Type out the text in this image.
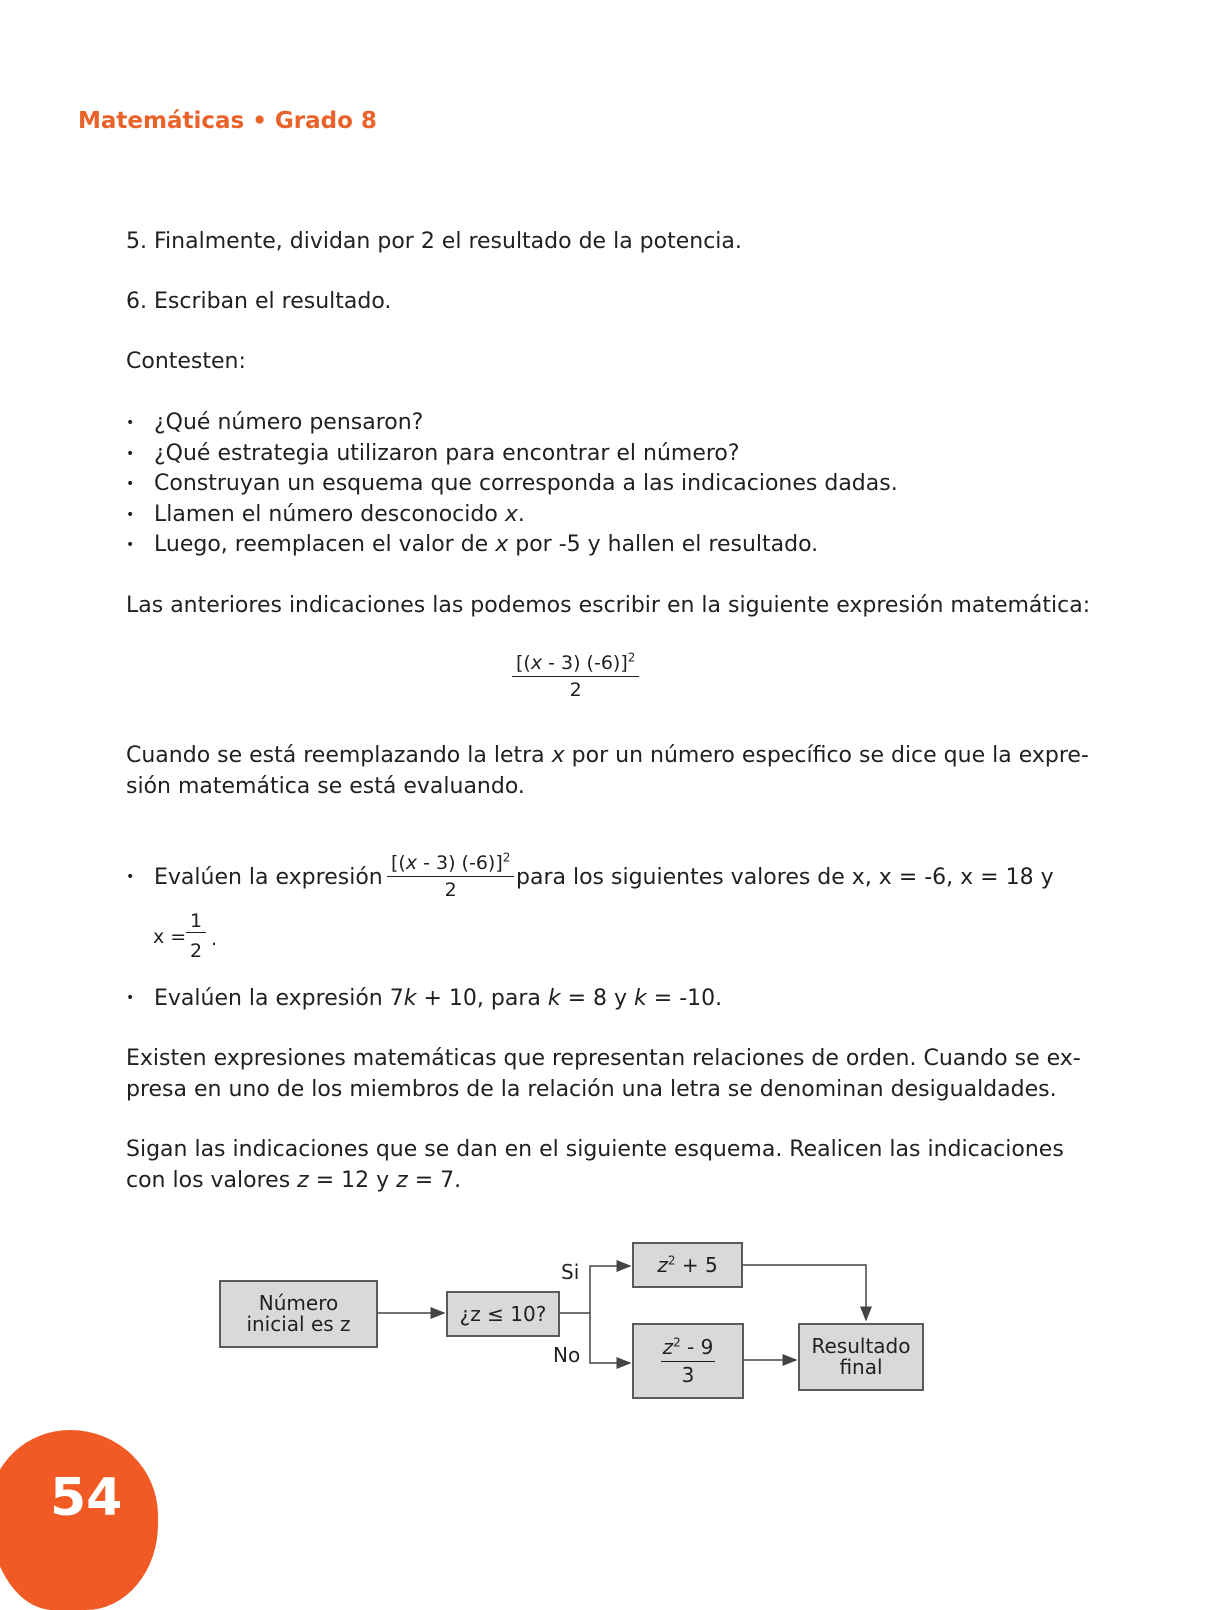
Matemáticas • Grado 8
5. Finalmente, dividan por 2 el resultado de la potencia.
6. Escriban el resultado.
Contesten:
• ¿Qué número pensaron?
• ¿Qué estrategia utilizaron para encontrar el número?
• Construyan un esquema que corresponda a las indicaciones dadas.
• Llamen el número desconocido x.
• Luego, reemplacen el valor de x por -5 y hallen el resultado.
Las anteriores indicaciones las podemos escribir en la siguiente expresión matemática:
$\frac{[(x - 3) (-6)]^2}{2}$
Cuando se está reemplazando la letra x por un número específico se dice que la expre-
sión matemática se está evaluando.
• Evalúen la expresión	para los siguientes valores de x, x = -6, x = 18 y
$\frac{[(x - 3) (-6)]^2}{2}$
x =
1
2
.
• Evalúen la expresión 7k + 10, para k = 8 y k = -10.
Existen expresiones matemáticas que representan relaciones de orden. Cuando se ex-
presa en uno de los miembros de la relación una letra se denominan desigualdades.
Sigan las indicaciones que se dan en el siguiente esquema. Realicen las indicaciones
con los valores z = 12 y z = 7.
Número
inicial es z	¿z ≤ 10?
Si
No
$z^2 + 5$
$z^2 - 9$
3
Resultado
final
54
